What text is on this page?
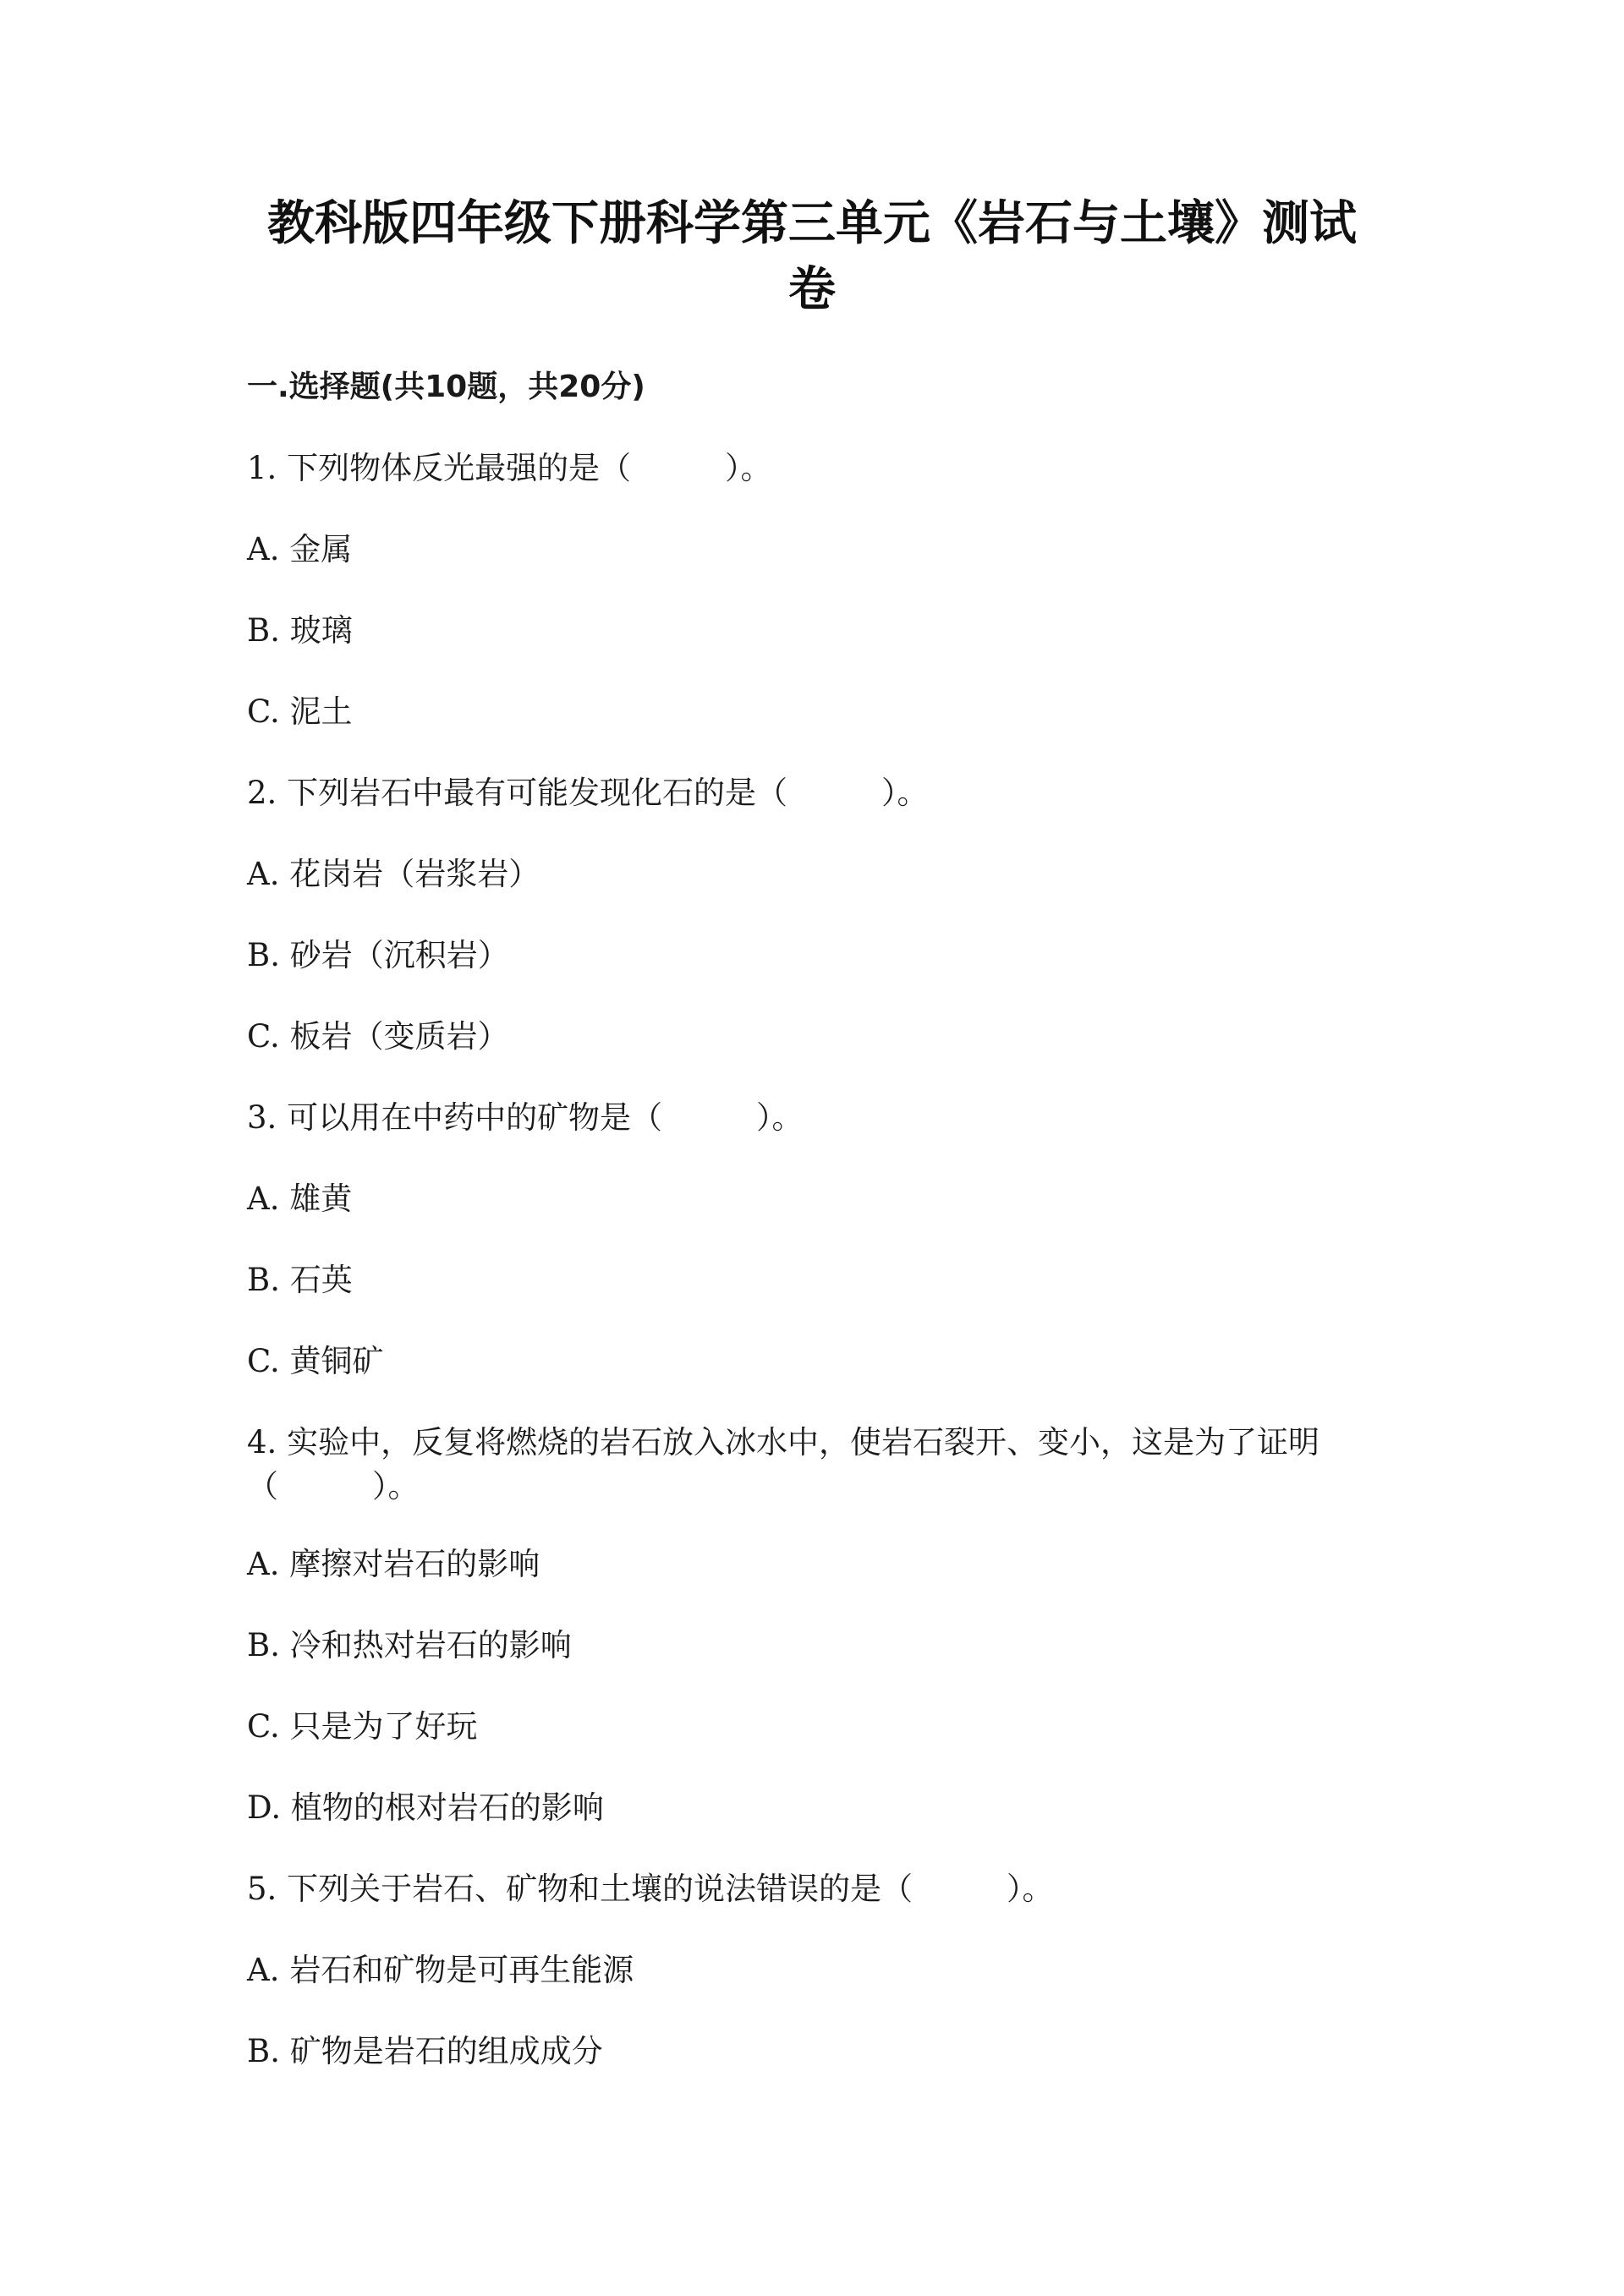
教科版四年级下册科学第三单元《岩石与土壤》测试卷
一.选择题(共10题，共20分)
1. 下列物体反光最强的是（　　　）。
A. 金属
B. 玻璃
C. 泥土
2. 下列岩石中最有可能发现化石的是（　　　）。
A. 花岗岩（岩浆岩）
B. 砂岩（沉积岩）
C. 板岩（变质岩）
3. 可以用在中药中的矿物是（　　　）。
A. 雄黄
B. 石英
C. 黄铜矿
4. 实验中，反复将燃烧的岩石放入冰水中，使岩石裂开、变小，这是为了证明（　　　）。
A. 摩擦对岩石的影响
B. 冷和热对岩石的影响
C. 只是为了好玩
D. 植物的根对岩石的影响
5. 下列关于岩石、矿物和土壤的说法错误的是（　　　）。
A. 岩石和矿物是可再生能源
B. 矿物是岩石的组成成分
